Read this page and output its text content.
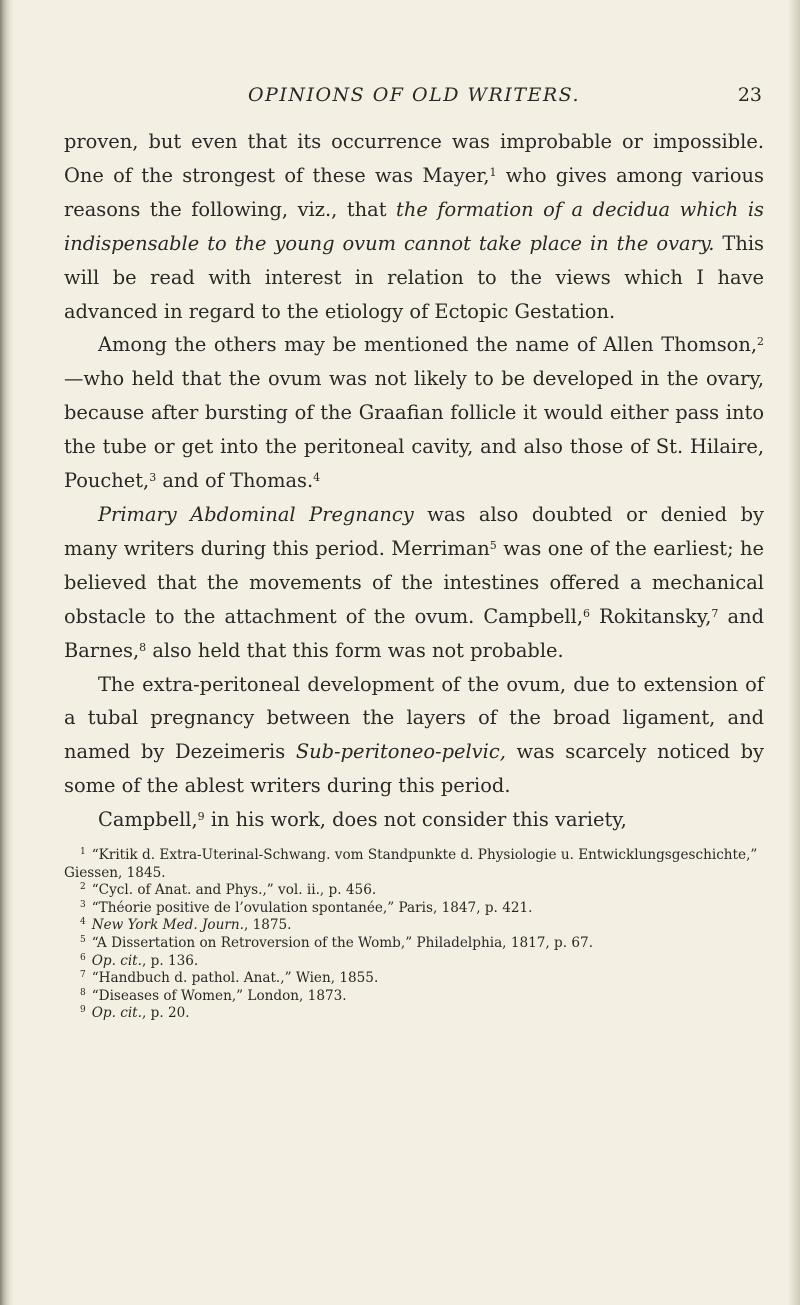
OPINIONS OF OLD WRITERS.	23

proven, but even that its occurrence was improbable or impossible. One of the strongest of these was Mayer,$^1$ who gives among various reasons the following, viz., that the formation of a decidua which is indispensable to the young ovum cannot take place in the ovary. This will be read with interest in relation to the views which I have advanced in regard to the etiology of Ectopic Gestation.

Among the others may be mentioned the name of Allen Thomson,$^2$—who held that the ovum was not likely to be developed in the ovary, because after bursting of the Graafian follicle it would either pass into the tube or get into the peritoneal cavity, and also those of St. Hilaire, Pouchet,$^3$ and of Thomas.$^4$

Primary Abdominal Pregnancy was also doubted or denied by many writers during this period. Merriman$^5$ was one of the earliest; he believed that the movements of the intestines offered a mechanical obstacle to the attachment of the ovum. Campbell,$^6$ Rokitansky,$^7$ and Barnes,$^8$ also held that this form was not probable.

The extra-peritoneal development of the ovum, due to extension of a tubal pregnancy between the layers of the broad ligament, and named by Dezeimeris Sub-peritoneo-pelvic, was scarcely noticed by some of the ablest writers during this period.

Campbell,$^9$ in his work, does not consider this variety,

$^1$ “Kritik d. Extra-Uterinal-Schwang. vom Standpunkte d. Physiologie u. Entwicklungsgeschichte,” Giessen, 1845.

$^2$ “Cycl. of Anat. and Phys.,” vol. ii., p. 456.

$^3$ “Théorie positive de l’ovulation spontanée,” Paris, 1847, p. 421.

$^4$ New York Med. Journ., 1875.

$^5$ “A Dissertation on Retroversion of the Womb,” Philadelphia, 1817, p. 67.

$^6$ Op. cit., p. 136.

$^7$ “Handbuch d. pathol. Anat.,” Wien, 1855.

$^8$ “Diseases of Women,” London, 1873.

$^9$ Op. cit., p. 20.
